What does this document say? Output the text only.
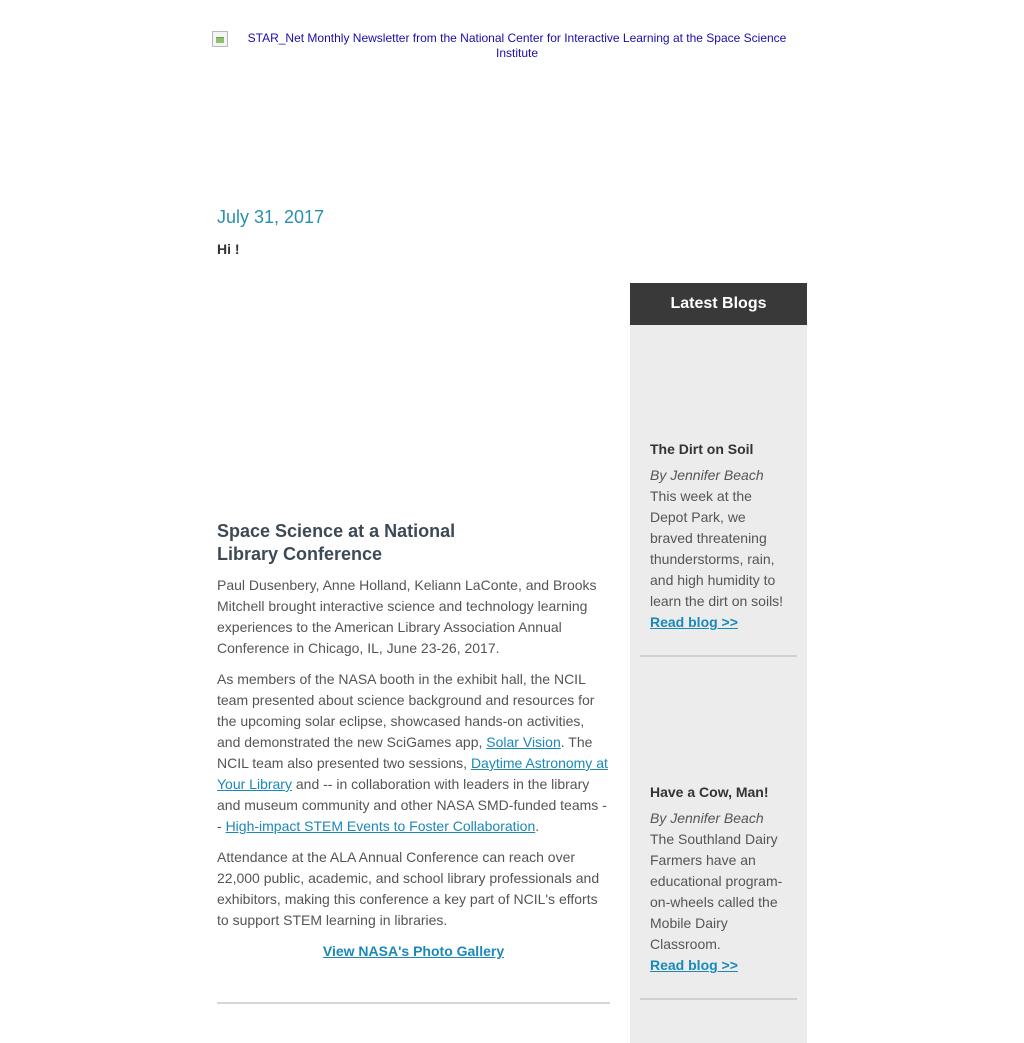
STAR_Net Monthly Newsletter from the National Center for Interactive Learning at the Space Science Institute
July 31, 2017
Hi !
Space Science at a National Library Conference

Paul Dusenbery, Anne Holland, Keliann LaConte, and Brooks Mitchell brought interactive science and technology learning experiences to the American Library Association Annual Conference in Chicago, IL, June 23-26, 2017.

As members of the NASA booth in the exhibit hall, the NCIL team presented about science background and resources for the upcoming solar eclipse, showcased hands-on activities, and demonstrated the new SciGames app, Solar Vision. The NCIL team also presented two sessions, Daytime Astronomy at Your Library and -- in collaboration with leaders in the library and museum community and other NASA SMD-funded teams -- High-impact STEM Events to Foster Collaboration.

Attendance at the ALA Annual Conference can reach over 22,000 public, academic, and school library professionals and exhibitors, making this conference a key part of NCIL's efforts to support STEM learning in libraries.

View NASA's Photo Gallery
Latest Blogs
The Dirt on Soil
By Jennifer Beach
This week at the Depot Park, we braved threatening thunderstorms, rain, and high humidity to learn the dirt on soils!
Read blog >>
Have a Cow, Man!
By Jennifer Beach
The Southland Dairy Farmers have an educational program-on-wheels called the Mobile Dairy Classroom.
Read blog >>
